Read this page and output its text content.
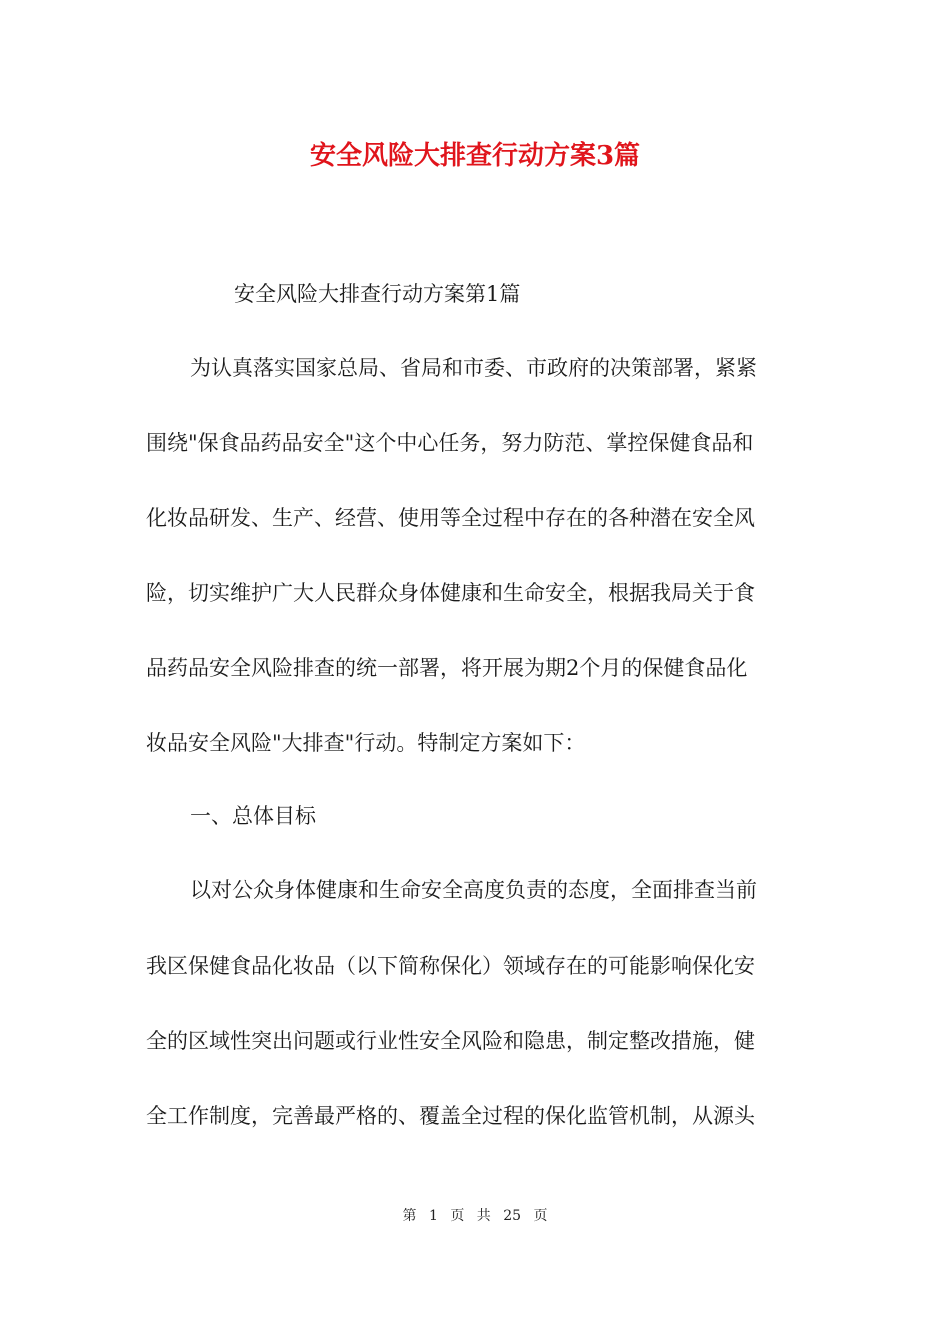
安全风险大排查行动方案3篇

安全风险大排查行动方案第1篇

为认真落实国家总局、省局和市委、市政府的决策部署，紧紧

围绕"保食品药品安全"这个中心任务，努力防范、掌控保健食品和

化妆品研发、生产、经营、使用等全过程中存在的各种潜在安全风

险，切实维护广大人民群众身体健康和生命安全，根据我局关于食

品药品安全风险排查的统一部署，将开展为期2个月的保健食品化

妆品安全风险"大排查"行动。特制定方案如下：

一、总体目标

以对公众身体健康和生命安全高度负责的态度，全面排查当前

我区保健食品化妆品（以下简称保化）领域存在的可能影响保化安

全的区域性突出问题或行业性安全风险和隐患，制定整改措施，健

全工作制度，完善最严格的、覆盖全过程的保化监管机制，从源头

第 1 页 共 25 页
